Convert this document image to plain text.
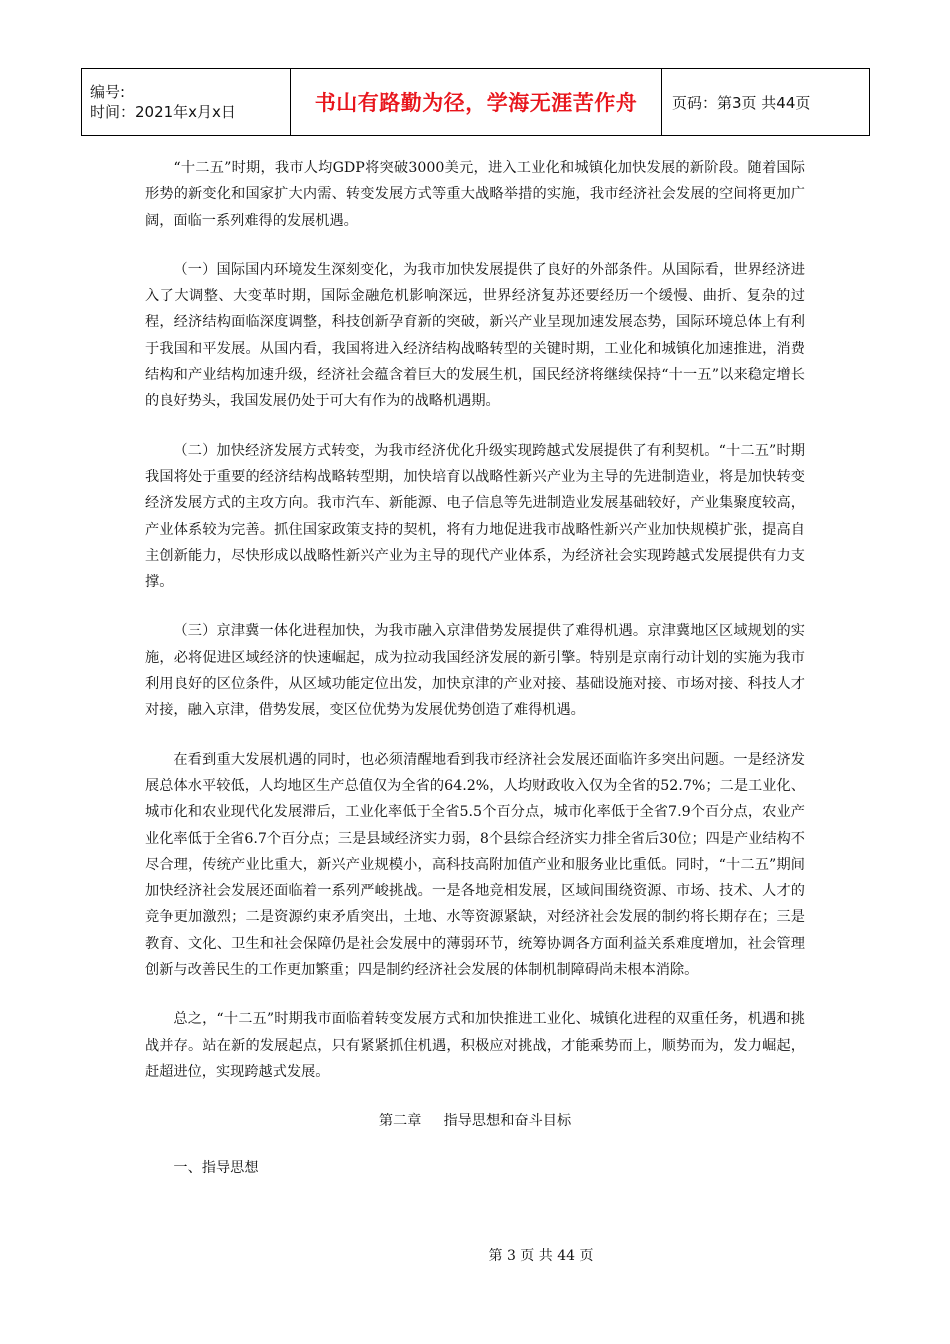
编号:
时间：2021年x月x日	书山有路勤为径，学海无涯苦作舟	页码：第3页 共44页

“十二五”时期，我市人均GDP将突破3000美元，进入工业化和城镇化加快发展的新阶段。随着国际形势的新变化和国家扩大内需、转变发展方式等重大战略举措的实施，我市经济社会发展的空间将更加广阔，面临一系列难得的发展机遇。

（一）国际国内环境发生深刻变化，为我市加快发展提供了良好的外部条件。从国际看，世界经济进入了大调整、大变革时期，国际金融危机影响深远，世界经济复苏还要经历一个缓慢、曲折、复杂的过程，经济结构面临深度调整，科技创新孕育新的突破，新兴产业呈现加速发展态势，国际环境总体上有利于我国和平发展。从国内看，我国将进入经济结构战略转型的关键时期，工业化和城镇化加速推进，消费结构和产业结构加速升级，经济社会蕴含着巨大的发展生机，国民经济将继续保持“十一五”以来稳定增长的良好势头，我国发展仍处于可大有作为的战略机遇期。

（二）加快经济发展方式转变，为我市经济优化升级实现跨越式发展提供了有利契机。“十二五”时期我国将处于重要的经济结构战略转型期，加快培育以战略性新兴产业为主导的先进制造业，将是加快转变经济发展方式的主攻方向。我市汽车、新能源、电子信息等先进制造业发展基础较好，产业集聚度较高，产业体系较为完善。抓住国家政策支持的契机，将有力地促进我市战略性新兴产业加快规模扩张，提高自主创新能力，尽快形成以战略性新兴产业为主导的现代产业体系，为经济社会实现跨越式发展提供有力支撑。

（三）京津冀一体化进程加快，为我市融入京津借势发展提供了难得机遇。京津冀地区区域规划的实施，必将促进区域经济的快速崛起，成为拉动我国经济发展的新引擎。特别是京南行动计划的实施为我市利用良好的区位条件，从区域功能定位出发，加快京津的产业对接、基础设施对接、市场对接、科技人才对接，融入京津，借势发展，变区位优势为发展优势创造了难得机遇。

在看到重大发展机遇的同时，也必须清醒地看到我市经济社会发展还面临许多突出问题。一是经济发展总体水平较低，人均地区生产总值仅为全省的64.2%，人均财政收入仅为全省的52.7%；二是工业化、城市化和农业现代化发展滞后，工业化率低于全省5.5个百分点，城市化率低于全省7.9个百分点，农业产业化率低于全省6.7个百分点；三是县域经济实力弱，8个县综合经济实力排全省后30位；四是产业结构不尽合理，传统产业比重大，新兴产业规模小，高科技高附加值产业和服务业比重低。同时，“十二五”期间加快经济社会发展还面临着一系列严峻挑战。一是各地竞相发展，区域间围绕资源、市场、技术、人才的竞争更加激烈；二是资源约束矛盾突出，土地、水等资源紧缺，对经济社会发展的制约将长期存在；三是教育、文化、卫生和社会保障仍是社会发展中的薄弱环节，统筹协调各方面利益关系难度增加，社会管理创新与改善民生的工作更加繁重；四是制约经济社会发展的体制机制障碍尚未根本消除。

总之，“十二五”时期我市面临着转变发展方式和加快推进工业化、城镇化进程的双重任务，机遇和挑战并存。站在新的发展起点，只有紧紧抓住机遇，积极应对挑战，才能乘势而上，顺势而为，发力崛起，赶超进位，实现跨越式发展。

第二章 指导思想和奋斗目标

一、指导思想

第 3 页 共 44 页
